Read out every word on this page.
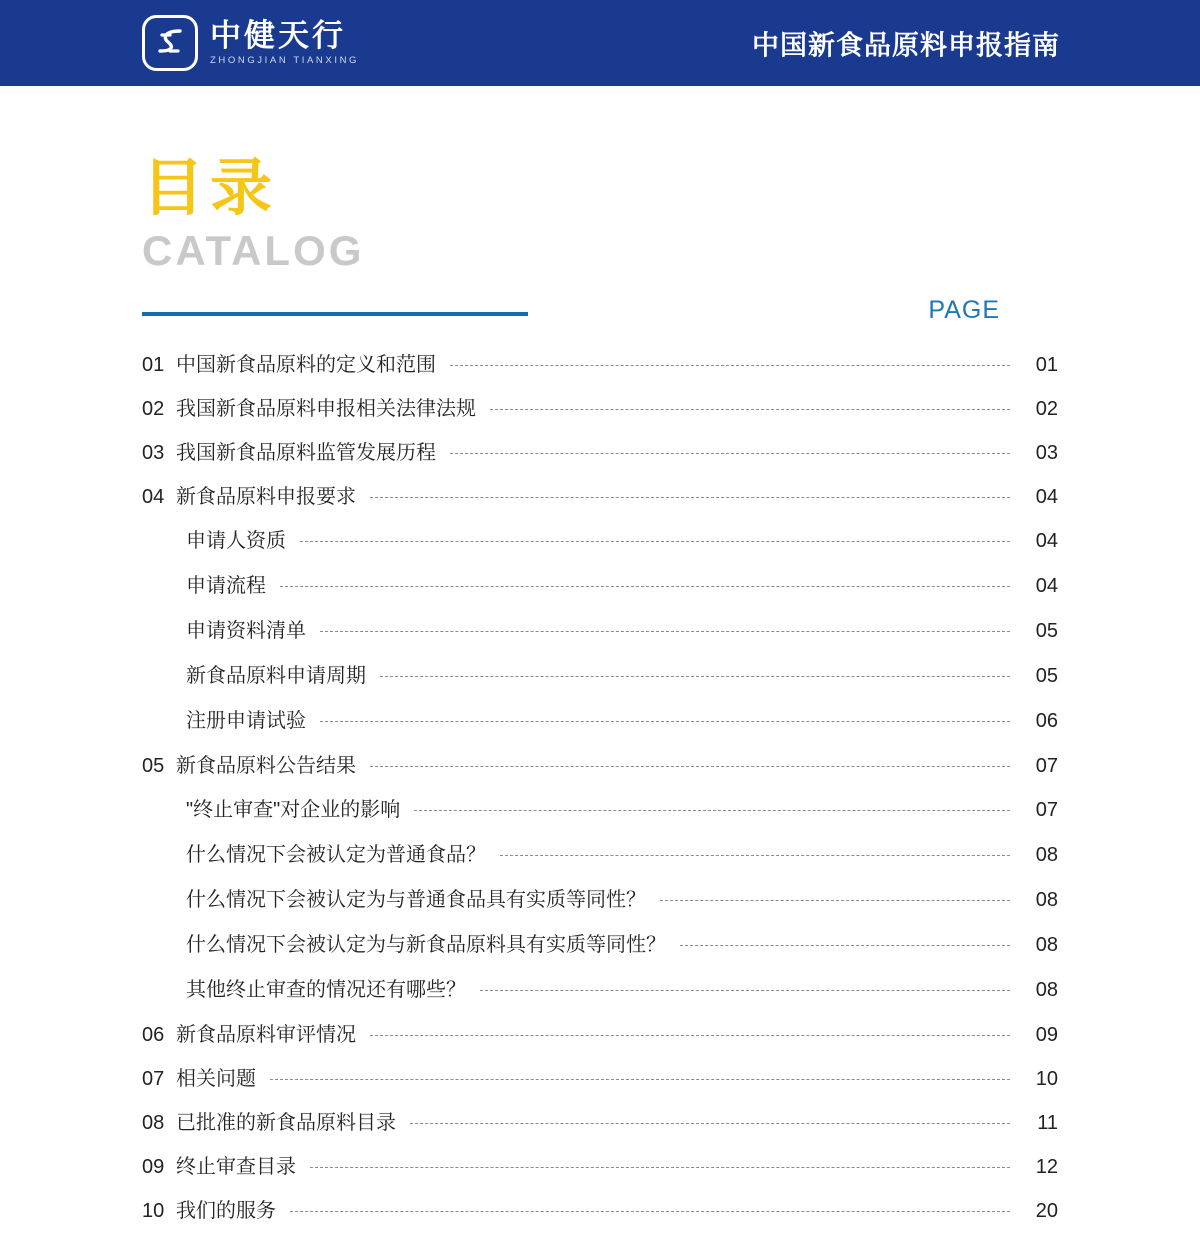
中健天行
ZHONGJIAN TIANXING
中国新食品原料申报指南
目录
CATALOG
PAGE
01 中国新食品原料的定义和范围	01
02 我国新食品原料申报相关法律法规	02
03 我国新食品原料监管发展历程	03
04 新食品原料申报要求	04
申请人资质	04
申请流程	04
申请资料清单	05
新食品原料申请周期	05
注册申请试验	06
05 新食品原料公告结果	07
"终止审查"对企业的影响	07
什么情况下会被认定为普通食品？	08
什么情况下会被认定为与普通食品具有实质等同性？	08
什么情况下会被认定为与新食品原料具有实质等同性？	08
其他终止审查的情况还有哪些？	08
06 新食品原料审评情况	09
07 相关问题	10
08 已批准的新食品原料目录	11
09 终止审查目录	12
10 我们的服务	20
